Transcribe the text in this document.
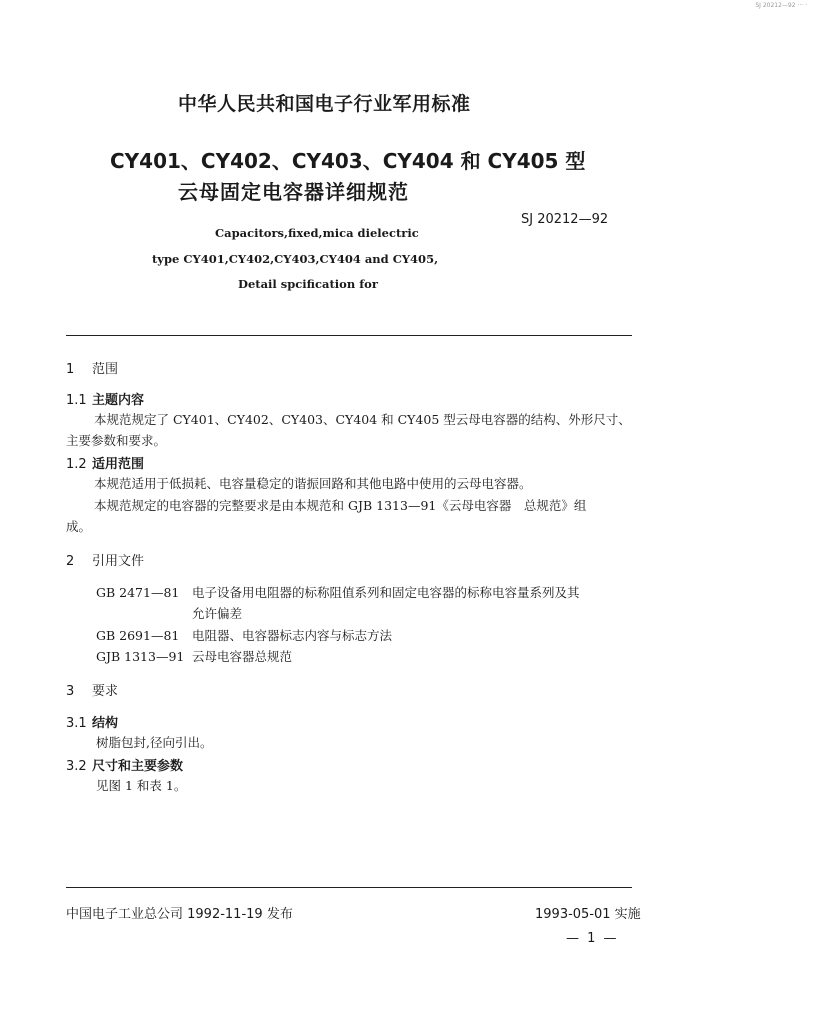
SJ 20212—92 ··· ·
中华人民共和国电子行业军用标准
CY401、CY402、CY403、CY404 和 CY405 型
云母固定电容器详细规范
SJ 20212—92
Capacitors,fixed,mica dielectric
type CY401,CY402,CY403,CY404 and CY405,
Detail spcification for
1 范围
1.1 主题内容
本规范规定了 CY401、CY402、CY403、CY404 和 CY405 型云母电容器的结构、外形尺寸、
主要参数和要求。
1.2 适用范围
本规范适用于低损耗、电容量稳定的谐振回路和其他电路中使用的云母电容器。
本规范规定的电容器的完整要求是由本规范和 GJB 1313—91《云母电容器　总规范》组
成。
2 引用文件
GB 2471—81 电子设备用电阻器的标称阻值系列和固定电容器的标称电容量系列及其
允许偏差
GB 2691—81 电阻器、电容器标志内容与标志方法
GJB 1313—91 云母电容器总规范
3 要求
3.1 结构
树脂包封,径向引出。
3.2 尺寸和主要参数
见图 1 和表 1。
中国电子工业总公司 1992-11-19 发布	1993-05-01 实施
— 1 —
